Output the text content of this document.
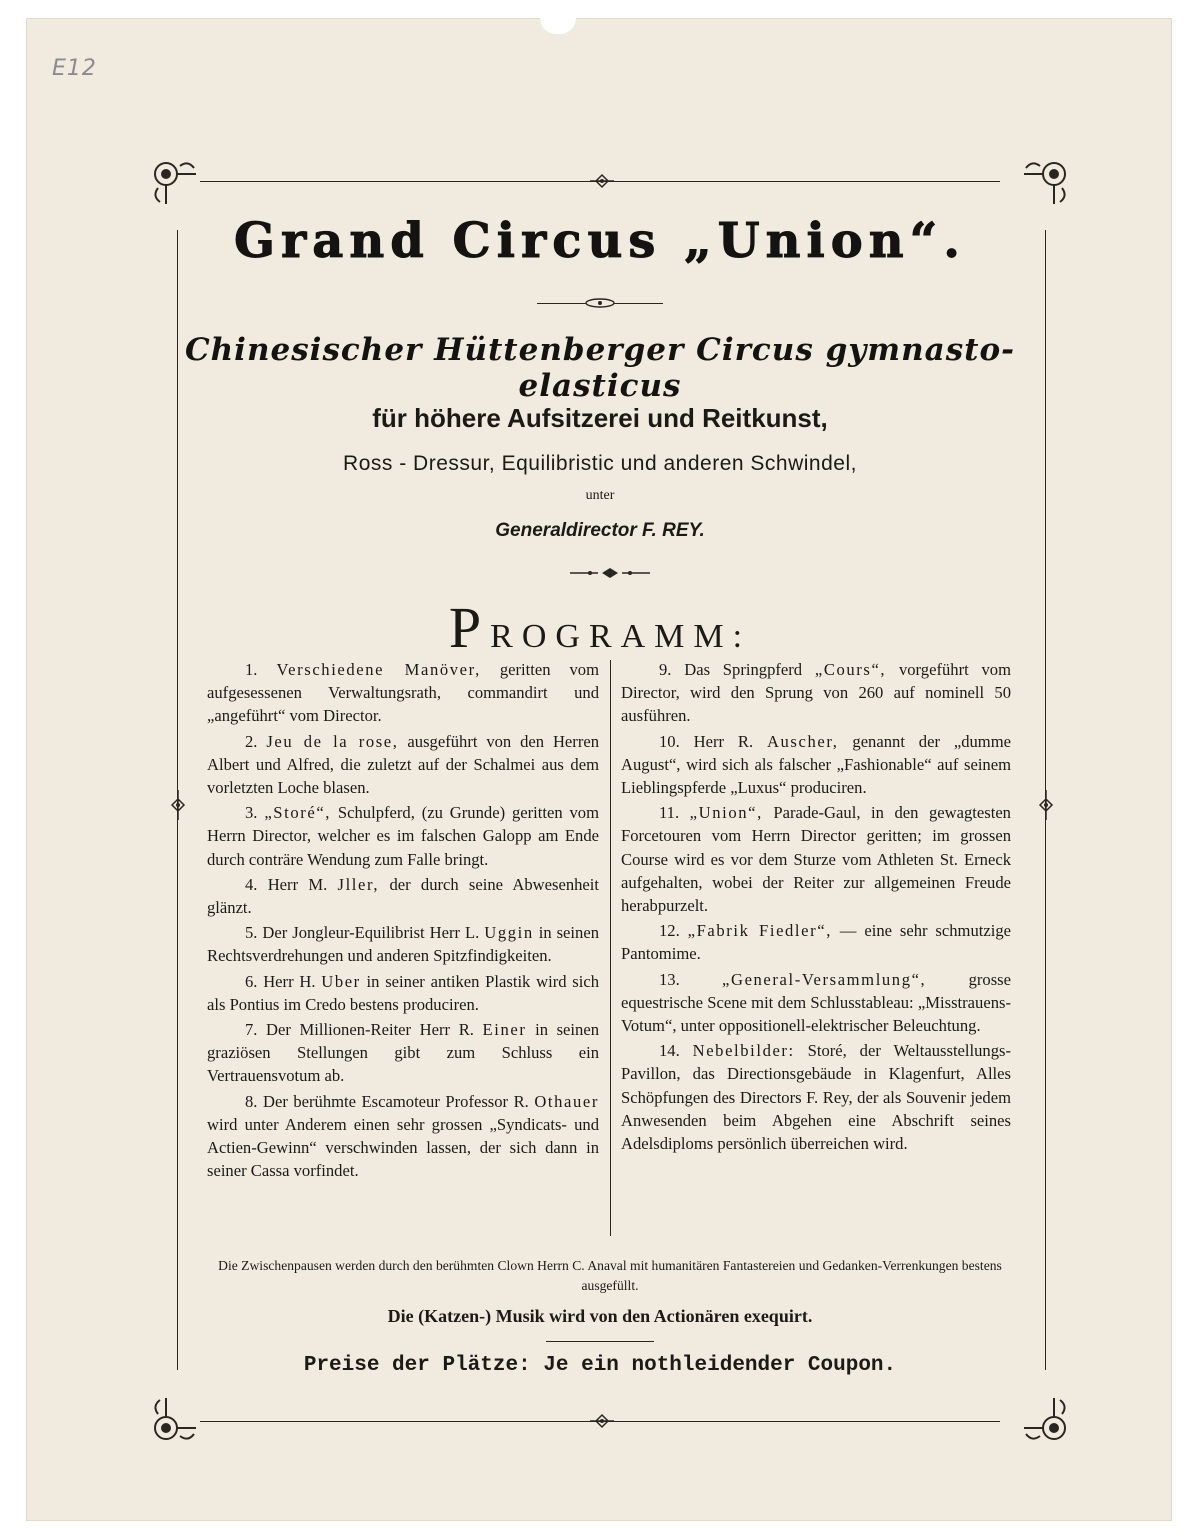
E12
Grand Circus „Union“.
Chinesischer Hüttenberger Circus gymnasto-elasticus
für höhere Aufsitzerei und Reitkunst,
Ross - Dressur, Equilibristic und anderen Schwindel,
unter
Generaldirector F. REY.
PROGRAMM:

1. Verschiedene Manöver, geritten vom aufgesessenen Verwaltungsrath, commandirt und „angeführt“ vom Director.

2. Jeu de la rose, ausgeführt von den Herren Albert und Alfred, die zuletzt auf der Schalmei aus dem vorletzten Loche blasen.

3. „Storé“, Schulpferd, (zu Grunde) geritten vom Herrn Director, welcher es im falschen Galopp am Ende durch conträre Wendung zum Falle bringt.

4. Herr M. Jller, der durch seine Abwesenheit glänzt.

5. Der Jongleur-Equilibrist Herr L. Uggin in seinen Rechtsverdrehungen und anderen Spitzfindigkeiten.

6. Herr H. Uber in seiner antiken Plastik wird sich als Pontius im Credo bestens produciren.

7. Der Millionen-Reiter Herr R. Einer in seinen graziösen Stellungen gibt zum Schluss ein Vertrauensvotum ab.

8. Der berühmte Escamoteur Professor R. Othauer wird unter Anderem einen sehr grossen „Syndicats- und Actien-Gewinn“ verschwinden lassen, der sich dann in seiner Cassa vorfindet.

9. Das Springpferd „Cours“, vorgeführt vom Director, wird den Sprung von 260 auf nominell 50 ausführen.

10. Herr R. Auscher, genannt der „dumme August“, wird sich als falscher „Fashionable“ auf seinem Lieblingspferde „Luxus“ produciren.

11. „Union“, Parade-Gaul, in den gewagtesten Forcetouren vom Herrn Director geritten; im grossen Course wird es vor dem Sturze vom Athleten St. Erneck aufgehalten, wobei der Reiter zur allgemeinen Freude herabpurzelt.

12. „Fabrik Fiedler“, — eine sehr schmutzige Pantomime.

13. „General-Versammlung“, grosse equestrische Scene mit dem Schlusstableau: „Misstrauens-Votum“, unter oppositionell-elektrischer Beleuchtung.

14. Nebelbilder: Storé, der Weltausstellungs-Pavillon, das Directionsgebäude in Klagenfurt, Alles Schöpfungen des Directors F. Rey, der als Souvenir jedem Anwesenden beim Abgehen eine Abschrift seines Adelsdiploms persönlich überreichen wird.

Die Zwischenpausen werden durch den berühmten Clown Herrn C. Anaval mit humanitären Fantastereien und Gedanken-Verrenkungen bestens ausgefüllt.
Die (Katzen-) Musik wird von den Actionären exequirt.
Preise der Plätze: Je ein nothleidender Coupon.
